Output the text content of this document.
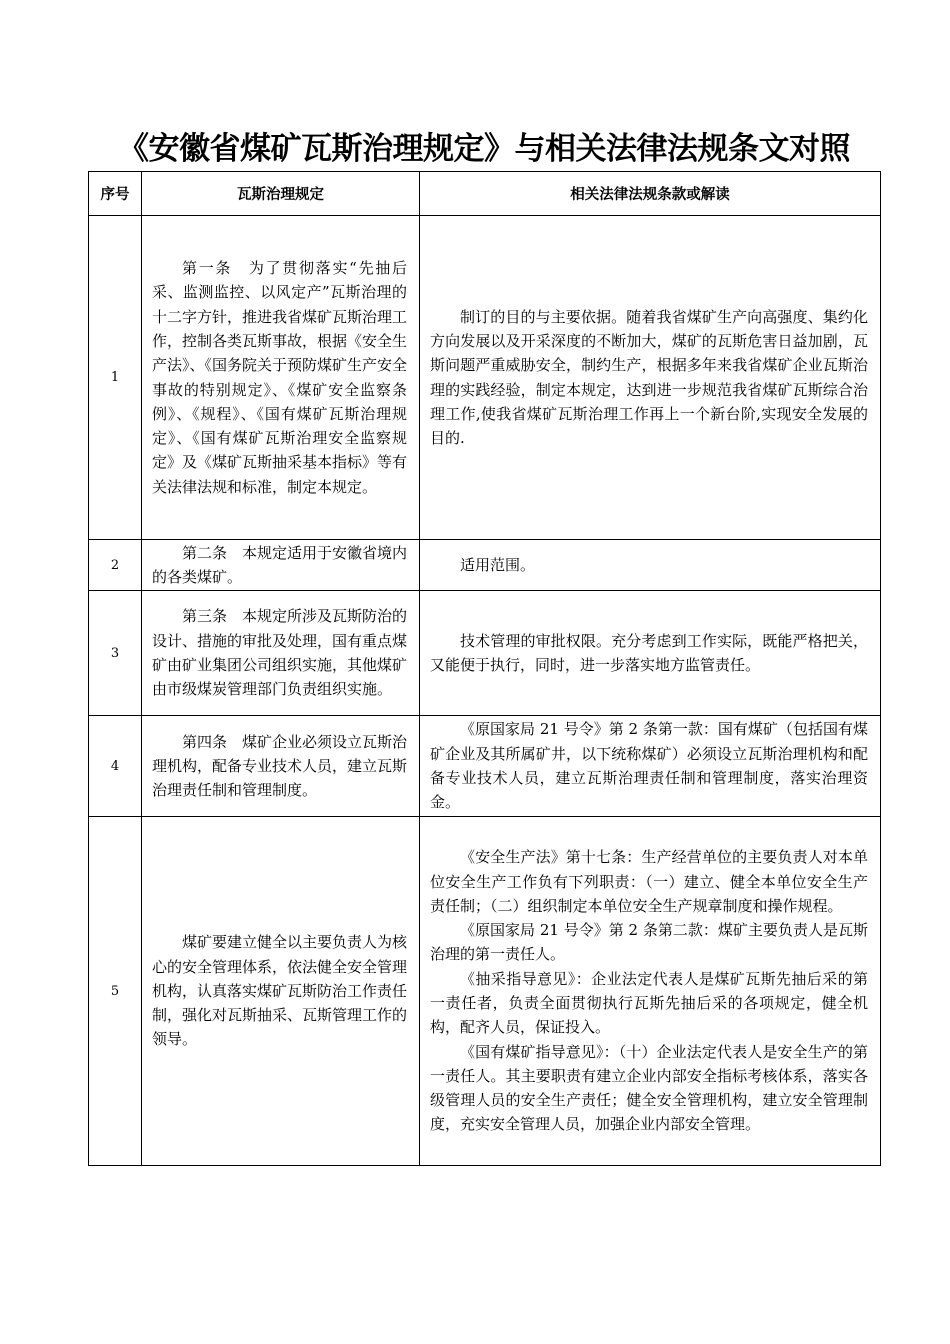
《安徽省煤矿瓦斯治理规定》与相关法律法规条文对照
序号	瓦斯治理规定	相关法律法规条款或解读
1	第一条　为了贯彻落实“先抽后采、监测监控、以风定产”瓦斯治理的十二字方针，推进我省煤矿瓦斯治理工作，控制各类瓦斯事故，根据《安全生产法》、《国务院关于预防煤矿生产安全事故的特别规定》、《煤矿安全监察条例》、《规程》、《国有煤矿瓦斯治理规定》、《国有煤矿瓦斯治理安全监察规定》及《煤矿瓦斯抽采基本指标》等有关法律法规和标准，制定本规定。	制订的目的与主要依据。随着我省煤矿生产向高强度、集约化方向发展以及开采深度的不断加大，煤矿的瓦斯危害日益加剧，瓦斯问题严重威胁安全，制约生产，根据多年来我省煤矿企业瓦斯治理的实践经验，制定本规定，达到进一步规范我省煤矿瓦斯综合治理工作,使我省煤矿瓦斯治理工作再上一个新台阶,实现安全发展的目的.

2	第二条　本规定适用于安徽省境内的各类煤矿。	适用范围。

3	第三条　本规定所涉及瓦斯防治的设计、措施的审批及处理，国有重点煤矿由矿业集团公司组织实施，其他煤矿由市级煤炭管理部门负责组织实施。	技术管理的审批权限。充分考虑到工作实际，既能严格把关，又能便于执行，同时，进一步落实地方监管责任。

4	第四条　煤矿企业必须设立瓦斯治理机构，配备专业技术人员，建立瓦斯治理责任制和管理制度。	《原国家局 21 号令》第 2 条第一款：国有煤矿（包括国有煤矿企业及其所属矿井，以下统称煤矿）必须设立瓦斯治理机构和配备专业技术人员，建立瓦斯治理责任制和管理制度，落实治理资金。

5	煤矿要建立健全以主要负责人为核心的安全管理体系，依法健全安全管理机构，认真落实煤矿瓦斯防治工作责任制，强化对瓦斯抽采、瓦斯管理工作的领导。	《安全生产法》第十七条：生产经营单位的主要负责人对本单位安全生产工作负有下列职责：（一）建立、健全本单位安全生产责任制；（二）组织制定本单位安全生产规章制度和操作规程。

《原国家局 21 号令》第 2 条第二款：煤矿主要负责人是瓦斯治理的第一责任人。

《抽采指导意见》：企业法定代表人是煤矿瓦斯先抽后采的第一责任者，负责全面贯彻执行瓦斯先抽后采的各项规定，健全机构，配齐人员，保证投入。

《国有煤矿指导意见》：（十）企业法定代表人是安全生产的第一责任人。其主要职责有建立企业内部安全指标考核体系，落实各级管理人员的安全生产责任；健全安全管理机构，建立安全管理制度，充实安全管理人员，加强企业内部安全管理。
